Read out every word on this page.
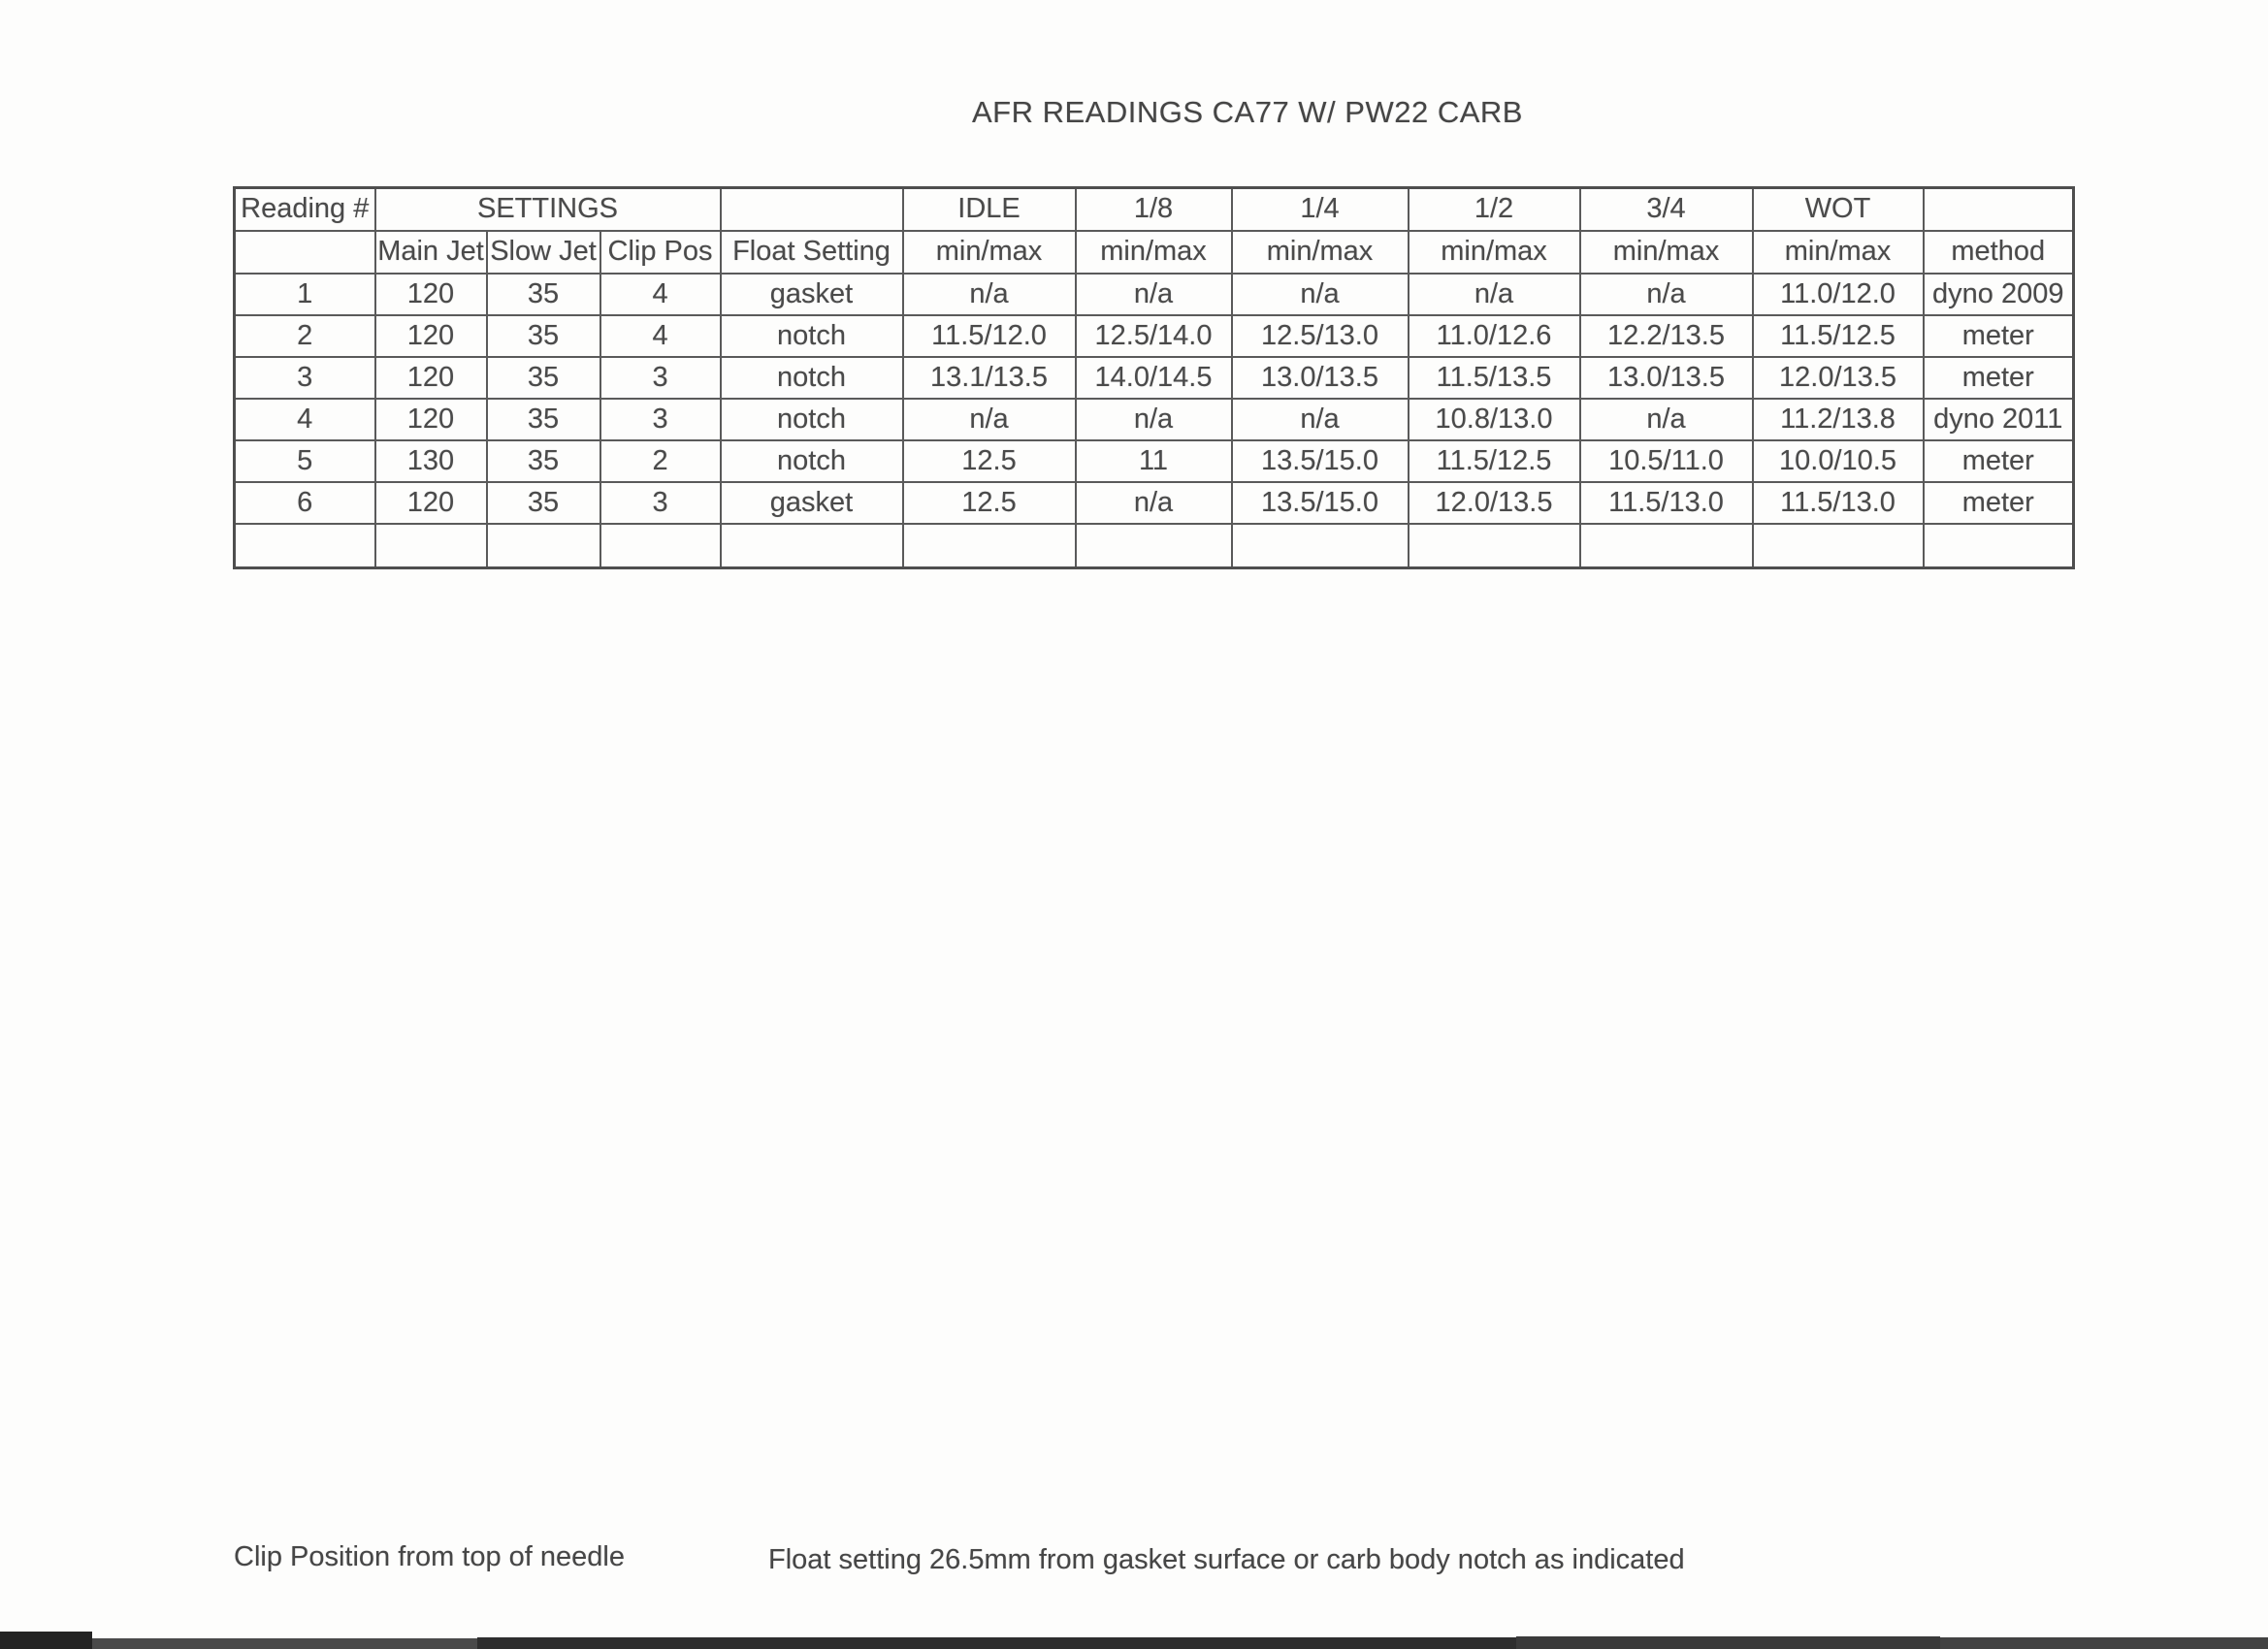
AFR READINGS CA77 W/ PW22 CARB
Reading #	SETTINGS				IDLE	1/8	1/4	1/2	3/4	WOT	
	Main Jet	Slow Jet	Clip Pos	Float Setting	min/max	min/max	min/max	min/max	min/max	min/max	method
1	120	35	4	gasket	n/a	n/a	n/a	n/a	n/a	11.0/12.0	dyno 2009
2	120	35	4	notch	11.5/12.0	12.5/14.0	12.5/13.0	11.0/12.6	12.2/13.5	11.5/12.5	meter
3	120	35	3	notch	13.1/13.5	14.0/14.5	13.0/13.5	11.5/13.5	13.0/13.5	12.0/13.5	meter
4	120	35	3	notch	n/a	n/a	n/a	10.8/13.0	n/a	11.2/13.8	dyno 2011
5	130	35	2	notch	12.5	11	13.5/15.0	11.5/12.5	10.5/11.0	10.0/10.5	meter
6	120	35	3	gasket	12.5	n/a	13.5/15.0	12.0/13.5	11.5/13.0	11.5/13.0	meter

Clip Position from top of needle	Float setting 26.5mm from gasket surface or carb body notch as indicated
